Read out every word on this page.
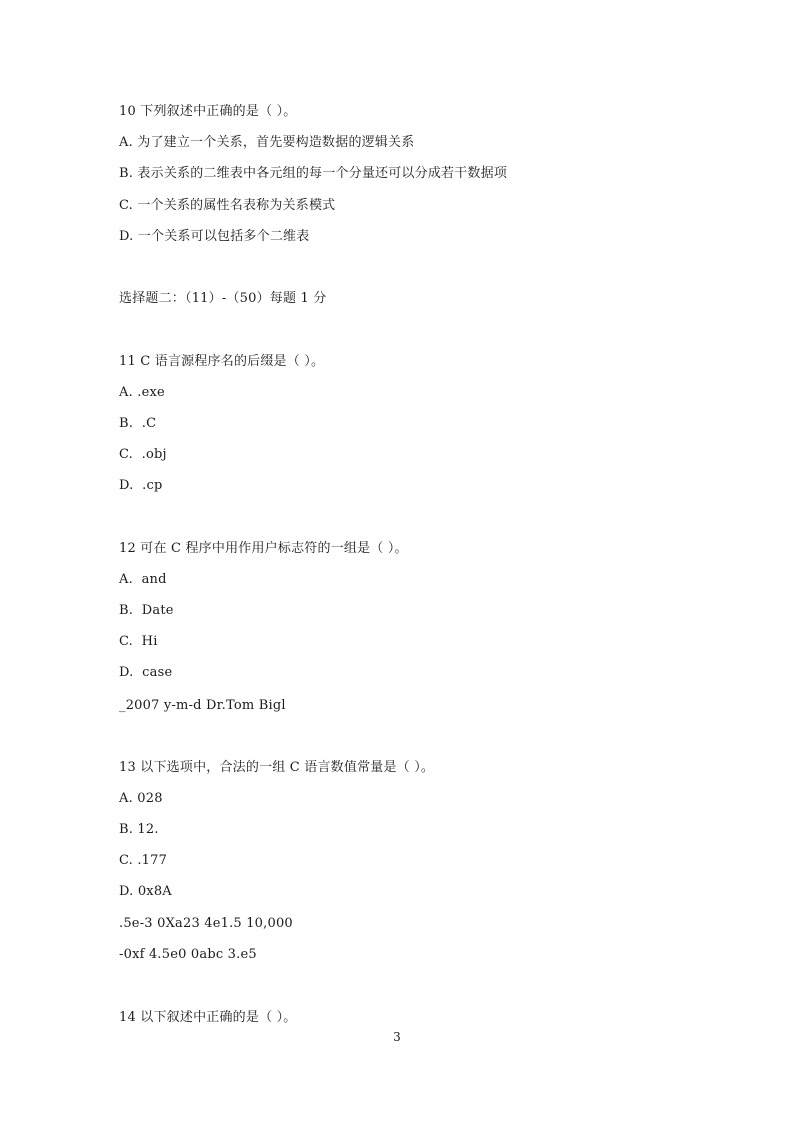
10 下列叙述中正确的是（ ）。
A. 为了建立一个关系，首先要构造数据的逻辑关系
B. 表示关系的二维表中各元组的每一个分量还可以分成若干数据项
C. 一个关系的属性名表称为关系模式
D. 一个关系可以包括多个二维表
选择题二：（11）-（50）每题 1 分
11 C 语言源程序名的后缀是（ ）。
A. .exe
B.  .C
C.  .obj
D.  .cp
12 可在 C 程序中用作用户标志符的一组是（ ）。
A.  and
B.  Date
C.  Hi
D.  case
_2007 y-m-d Dr.Tom Bigl
13 以下选项中，合法的一组 C 语言数值常量是（ ）。
A. 028
B. 12.
C. .177
D. 0x8A
.5e-3 0Xa23 4e1.5 10,000
-0xf 4.5e0 0abc 3.e5
14 以下叙述中正确的是（ ）。
3
